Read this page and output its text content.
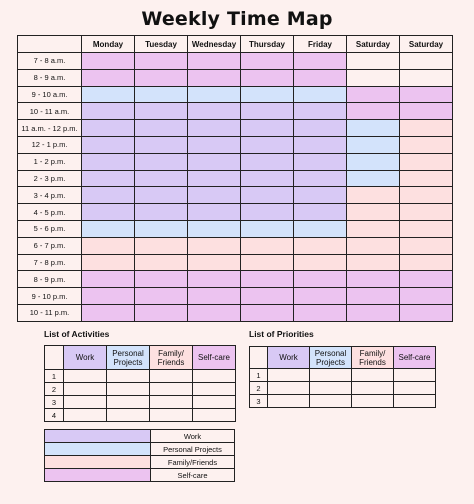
Weekly Time Map
	Monday	Tuesday	Wednesday	Thursday	Friday	Saturday	Saturday
7 - 8 a.m.							
8 - 9 a.m.							
9 - 10 a.m.							
10 - 11 a.m.							
11 a.m. - 12 p.m.							
12 - 1 p.m.							
1 - 2 p.m.							
2 - 3 p.m.							
3 - 4 p.m.							
4 - 5 p.m.							
5 - 6 p.m.							
6 - 7 p.m.							
7 - 8 p.m.							
8 - 9 p.m.							
9 - 10 p.m.							
10 - 11 p.m.							
List of Activities
	Work	Personal Projects	Family/ Friends	Self-care
1				
2				
3				
4				
List of Priorities
	Work	Personal Projects	Family/ Friends	Self-care
1				
2				
3				
	Work
	Personal Projects
	Family/Friends
	Self-care
